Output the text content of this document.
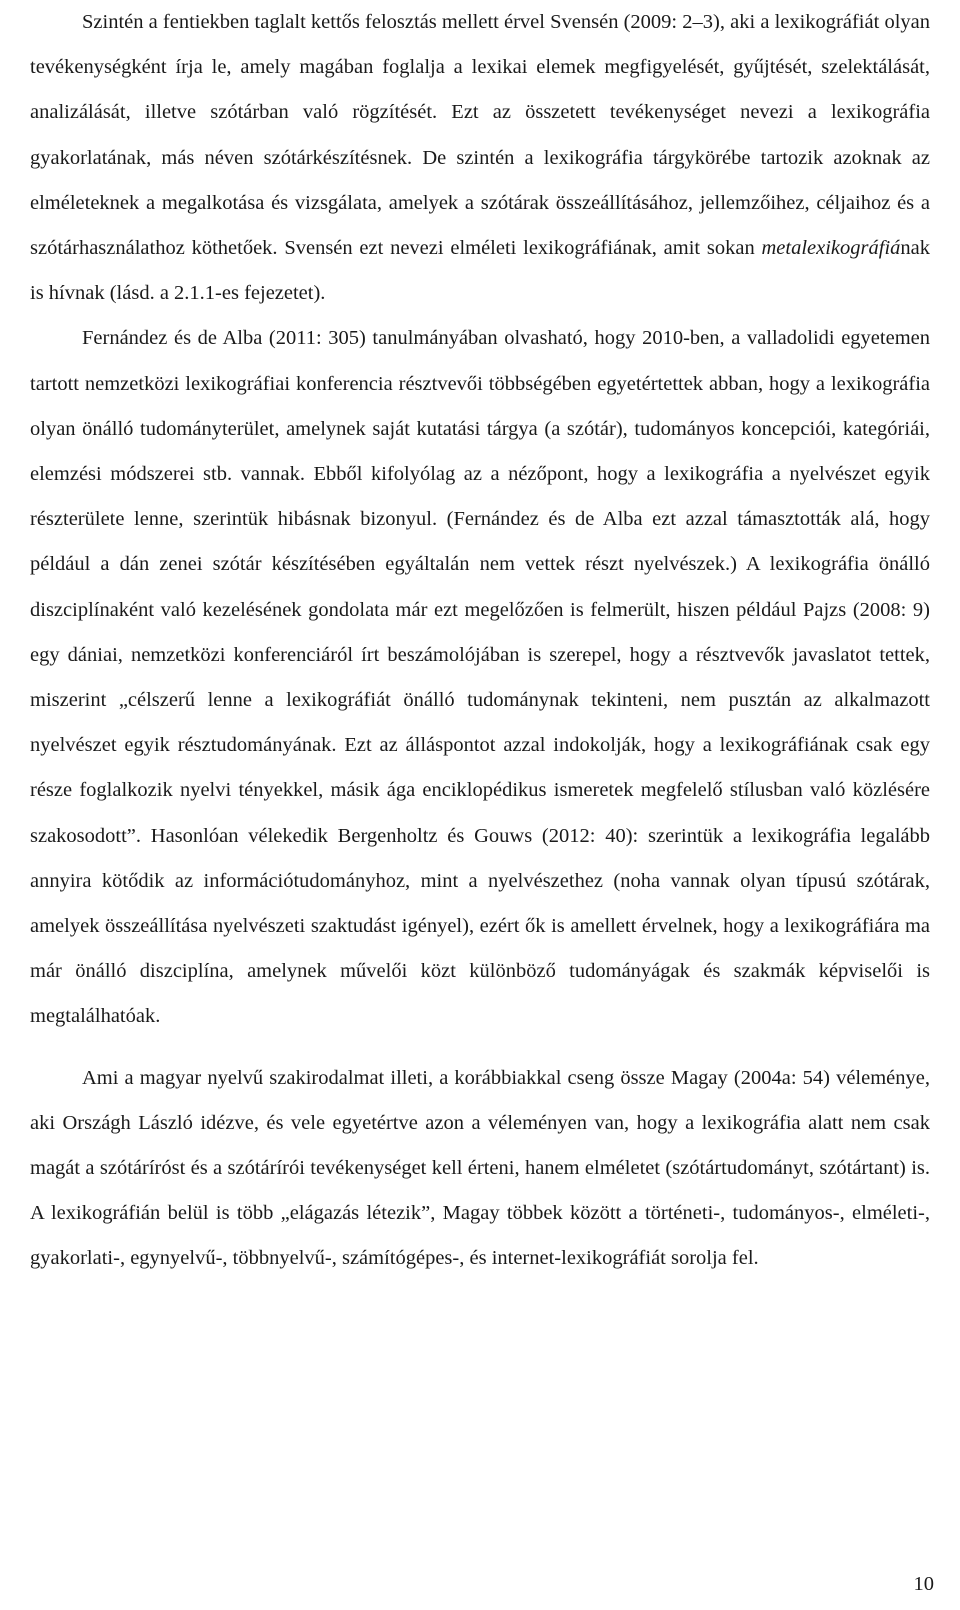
Szintén a fentiekben taglalt kettős felosztás mellett érvel Svensén (2009: 2–3), aki a lexikográfiát olyan tevékenységként írja le, amely magában foglalja a lexikai elemek megfigyelését, gyűjtését, szelektálását, analizálását, illetve szótárban való rögzítését. Ezt az összetett tevékenységet nevezi a lexikográfia gyakorlatának, más néven szótárkészítésnek. De szintén a lexikográfia tárgykörébe tartozik azoknak az elméleteknek a megalkotása és vizsgálata, amelyek a szótárak összeállításához, jellemzőihez, céljaihoz és a szótárhasználathoz köthetőek. Svensén ezt nevezi elméleti lexikográfiának, amit sokan metalexikográfiának is hívnak (lásd. a 2.1.1-es fejezetet).

Fernández és de Alba (2011: 305) tanulmányában olvasható, hogy 2010-ben, a valladolidi egyetemen tartott nemzetközi lexikográfiai konferencia résztvevői többségében egyetértettek abban, hogy a lexikográfia olyan önálló tudományterület, amelynek saját kutatási tárgya (a szótár), tudományos koncepciói, kategóriái, elemzési módszerei stb. vannak. Ebből kifolyólag az a nézőpont, hogy a lexikográfia a nyelvészet egyik részterülete lenne, szerintük hibásnak bizonyul. (Fernández és de Alba ezt azzal támasztották alá, hogy például a dán zenei szótár készítésében egyáltalán nem vettek részt nyelvészek.) A lexikográfia önálló diszciplínaként való kezelésének gondolata már ezt megelőzően is felmerült, hiszen például Pajzs (2008: 9) egy dániai, nemzetközi konferenciáról írt beszámolójában is szerepel, hogy a résztvevők javaslatot tettek, miszerint „célszerű lenne a lexikográfiát önálló tudománynak tekinteni, nem pusztán az alkalmazott nyelvészet egyik résztudományának. Ezt az álláspontot azzal indokolják, hogy a lexikográfiának csak egy része foglalkozik nyelvi tényekkel, másik ága enciklopédikus ismeretek megfelelő stílusban való közlésére szakosodott”. Hasonlóan vélekedik Bergenholtz és Gouws (2012: 40): szerintük a lexikográfia legalább annyira kötődik az információtudományhoz, mint a nyelvészethez (noha vannak olyan típusú szótárak, amelyek összeállítása nyelvészeti szaktudást igényel), ezért ők is amellett érvelnek, hogy a lexikográfiára ma már önálló diszciplína, amelynek művelői közt különböző tudományágak és szakmák képviselői is megtalálhatóak.

Ami a magyar nyelvű szakirodalmat illeti, a korábbiakkal cseng össze Magay (2004a: 54) véleménye, aki Országh László idézve, és vele egyetértve azon a véleményen van, hogy a lexikográfia alatt nem csak magát a szótáríróst és a szótárírói tevékenységet kell érteni, hanem elméletet (szótártudományt, szótártant) is. A lexikográfián belül is több „elágazás létezik”, Magay többek között a történeti-, tudományos-, elméleti-, gyakorlati-, egynyelvű-, többnyelvű-, számítógépes-, és internet-lexikográfiát sorolja fel.

10
